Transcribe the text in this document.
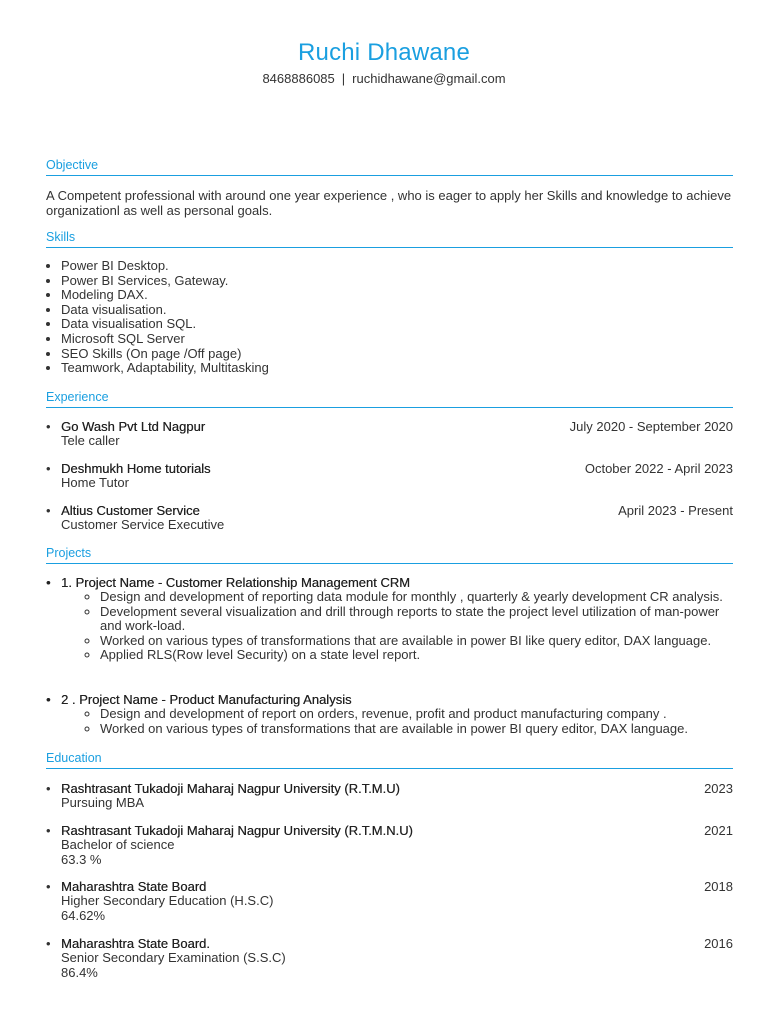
Ruchi Dhawane
8468886085 | ruchidhawane@gmail.com
Objective
A Competent professional with around one year experience , who is eager to apply her Skills and knowledge to achieve organizationl as well as personal goals.
Skills
• Power BI Desktop.
• Power BI Services, Gateway.
• Modeling DAX.
• Data visualisation.
• Data visualisation SQL.
• Microsoft SQL Server
• SEO Skills (On page /Off page)
• Teamwork, Adaptability, Multitasking
Experience
• Go Wash Pvt Ltd Nagpur	July 2020 - September 2020
Tele caller
• Deshmukh Home tutorials	October 2022 - April 2023
Home Tutor
• Altius Customer Service	April 2023 - Present
Customer Service Executive
Projects
• 1. Project Name - Customer Relationship Management CRM
◦ Design and development of reporting data module for monthly , quarterly & yearly development CR analysis.
◦ Development several visualization and drill through reports to state the project level utilization of man-power and work-load.
◦ Worked on various types of transformations that are available in power BI like query editor, DAX language.
◦ Applied RLS(Row level Security) on a state level report.
• 2 . Project Name - Product Manufacturing Analysis
◦ Design and development of report on orders, revenue, profit and product manufacturing company .
◦ Worked on various types of transformations that are available in power BI query editor, DAX language.
Education
• Rashtrasant Tukadoji Maharaj Nagpur University (R.T.M.U)	2023
Pursuing MBA
• Rashtrasant Tukadoji Maharaj Nagpur University (R.T.M.N.U)	2021
Bachelor of science
63.3 %
• Maharashtra State Board	2018
Higher Secondary Education (H.S.C)
64.62%
• Maharashtra State Board.	2016
Senior Secondary Examination (S.S.C)
86.4%
